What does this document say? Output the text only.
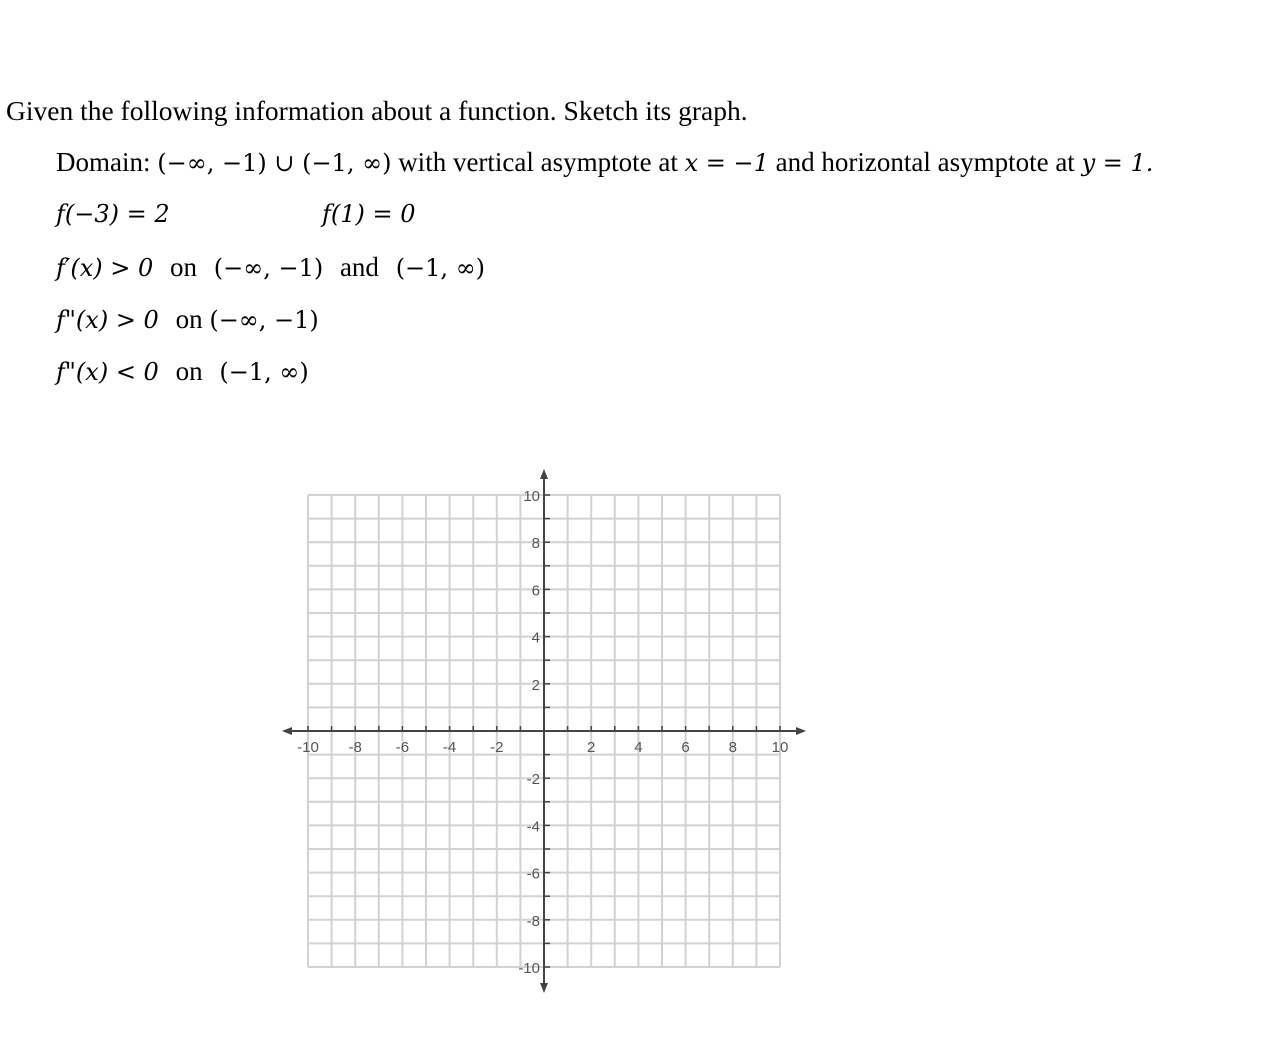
Given the following information about a function. Sketch its graph.
Domain: (−∞, −1) ∪ (−1, ∞) with vertical asymptote at x = −1 and horizontal asymptote at y = 1.
f(−3) = 2	f(1) = 0
f′(x) > 0 on (−∞, −1) and (−1, ∞)
f"(x) > 0 on (−∞, −1)
f"(x) < 0 on (−1, ∞)
-10 -8 -6 -4 -2	2	4	6	8 10
10
8
6
4
2
-2
-4
-6
-8
-10
